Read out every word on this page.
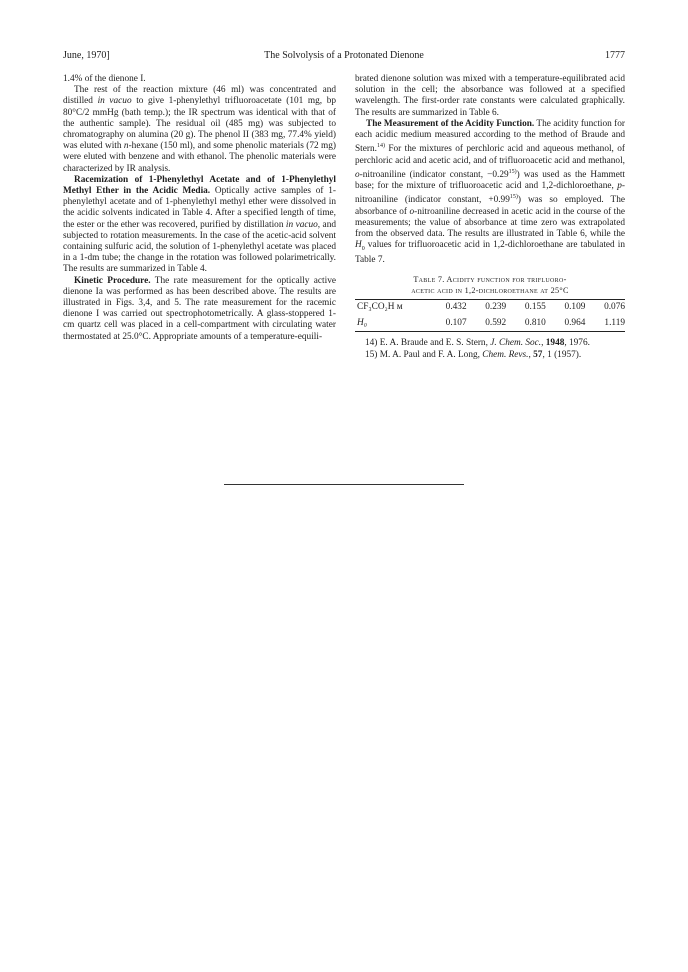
June, 1970]	The Solvolysis of a Protonated Dienone	1777

1.4% of the dienone I.

The rest of the reaction mixture (46 ml) was concentrated and distilled in vacuo to give 1-phenylethyl trifluoroacetate (101 mg, bp 80°C/2 mmHg (bath temp.); the IR spectrum was identical with that of the authentic sample). The residual oil (485 mg) was subjected to chromatography on alumina (20 g). The phenol II (383 mg, 77.4% yield) was eluted with n-hexane (150 ml), and some phenolic materials (72 mg) were eluted with benzene and with ethanol. The phenolic materials were characterized by IR analysis.

Racemization of 1-Phenylethyl Acetate and of 1-Phenylethyl Methyl Ether in the Acidic Media. Optically active samples of 1-phenylethyl acetate and of 1-phenylethyl methyl ether were dissolved in the acidic solvents indicated in Table 4. After a specified length of time, the ester or the ether was recovered, purified by distillation in vacuo, and subjected to rotation measurements. In the case of the acetic-acid solvent containing sulfuric acid, the solution of 1-phenylethyl acetate was placed in a 1-dm tube; the change in the rotation was followed polarimetrically. The results are summarized in Table 4.

Kinetic Procedure. The rate measurement for the optically active dienone Ia was performed as has been described above. The results are illustrated in Figs. 3,4, and 5. The rate measurement for the racemic dienone I was carried out spectrophotometrically. A glass-stoppered 1-cm quartz cell was placed in a cell-compartment with circulating water thermostated at 25.0°C. Appropriate amounts of a temperature-equili-

brated dienone solution was mixed with a temperature-equilibrated acid solution in the cell; the absorbance was followed at a specified wavelength. The first-order rate constants were calculated graphically. The results are summarized in Table 6.

The Measurement of the Acidity Function. The acidity function for each acidic medium measured according to the method of Braude and Stern.$^{14)}$ For the mixtures of perchloric acid and aqueous methanol, of perchloric acid and acetic acid, and of trifluoroacetic acid and methanol, o-nitroaniline (indicator constant, $-0.29^{15)}$) was used as the Hammett base; for the mixture of trifluoroacetic acid and 1,2-dichloroethane, p-nitroaniline (indicator constant, $+0.99^{15)}$) was so employed. The absorbance of o-nitroaniline decreased in acetic acid in the course of the measurements; the value of absorbance at time zero was extrapolated from the observed data. The results are illustrated in Table 6, while the $H_0$ values for trifluoroacetic acid in 1,2-dichloroethane are tabulated in Table 7.

Table 7. Acidity function for trifluoro-
acetic acid in 1,2-dichloroethane at 25°C
CF₃CO₂H м	0.432	0.239	0.155	0.109	0.076
H₀	0.107	0.592	0.810	0.964	1.119

14) E. A. Braude and E. S. Stern, J. Chem. Soc., 1948, 1976.

15) M. A. Paul and F. A. Long, Chem. Revs., 57, 1 (1957).
